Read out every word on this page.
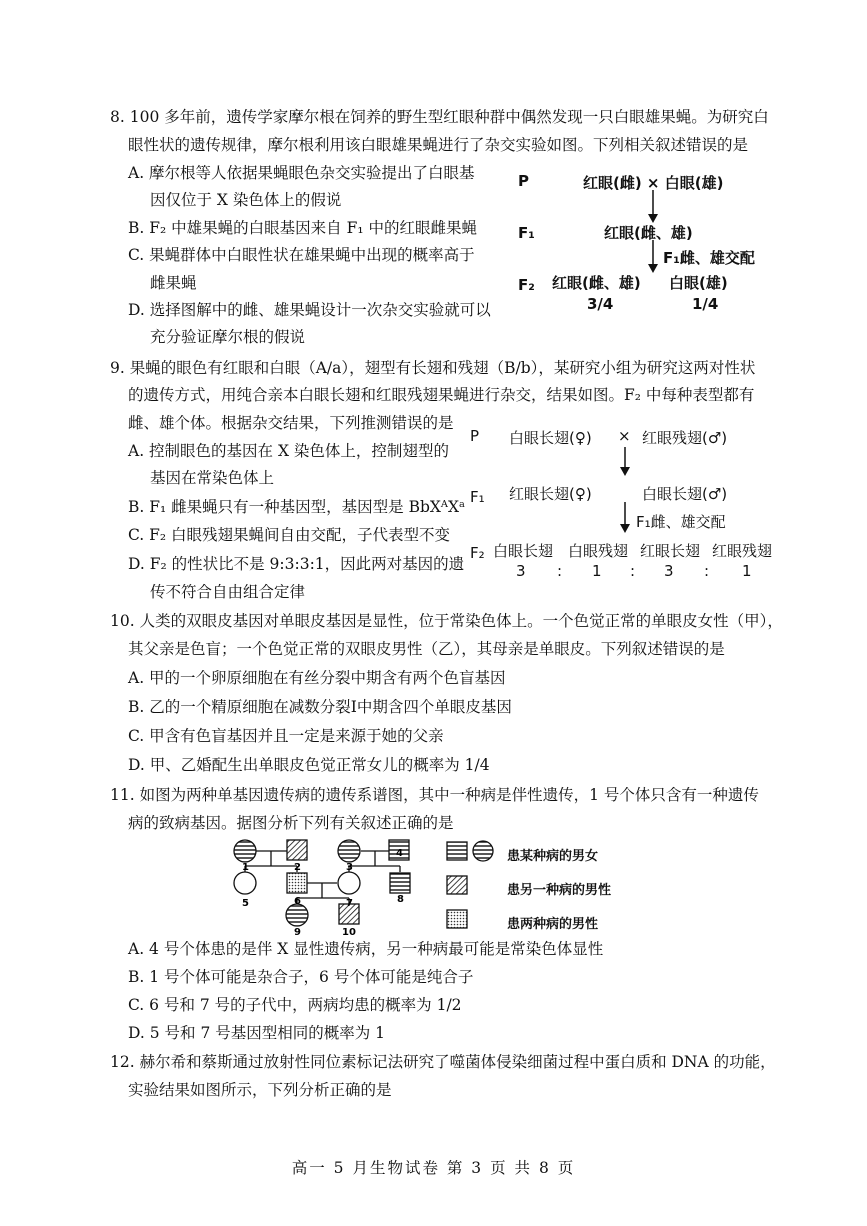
8. 100 多年前，遗传学家摩尔根在饲养的野生型红眼种群中偶然发现一只白眼雄果蝇。为研究白
眼性状的遗传规律，摩尔根利用该白眼雄果蝇进行了杂交实验如图。下列相关叙述错误的是
A. 摩尔根等人依据果蝇眼色杂交实验提出了白眼基
因仅位于 X 染色体上的假说
B. F₂ 中雄果蝇的白眼基因来自 F₁ 中的红眼雌果蝇
C. 果蝇群体中白眼性状在雄果蝇中出现的概率高于
雌果蝇
D. 选择图解中的雌、雄果蝇设计一次杂交实验就可以
充分验证摩尔根的假说
P	红眼(雌) × 白眼(雄)
F₁	红眼(雌、雄)
F₁雌、雄交配
F₂ 红眼(雌、雄) 白眼(雄)
3/4	1/4
9. 果蝇的眼色有红眼和白眼（A/a），翅型有长翅和残翅（B/b），某研究小组为研究这两对性状
的遗传方式，用纯合亲本白眼长翅和红眼残翅果蝇进行杂交，结果如图。F₂ 中每种表型都有
雌、雄个体。根据杂交结果，下列推测错误的是
A. 控制眼色的基因在 X 染色体上，控制翅型的
基因在常染色体上
B. F₁ 雌果蝇只有一种基因型，基因型是 BbXᴬXᵃ
C. F₂ 白眼残翅果蝇间自由交配，子代表型不变
D. F₂ 的性状比不是 9:3:3:1，因此两对基因的遗
传不符合自由组合定律
P 白眼长翅(♀) × 红眼残翅(♂)
F₁ 红眼长翅(♀)	白眼长翅(♂)
F₁雌、雄交配
F₂ 白眼长翅 白眼残翅 红眼长翅 红眼残翅
3 : 1 : 3 : 1
10. 人类的双眼皮基因对单眼皮基因是显性，位于常染色体上。一个色觉正常的单眼皮女性（甲），
其父亲是色盲；一个色觉正常的双眼皮男性（乙），其母亲是单眼皮。下列叙述错误的是
A. 甲的一个卵原细胞在有丝分裂中期含有两个色盲基因
B. 乙的一个精原细胞在减数分裂Ⅰ中期含四个单眼皮基因
C. 甲含有色盲基因并且一定是来源于她的父亲
D. 甲、乙婚配生出单眼皮色觉正常女儿的概率为 1/4
11. 如图为两种单基因遗传病的遗传系谱图，其中一种病是伴性遗传，1 号个体只含有一种遗传
病的致病基因。据图分析下列有关叙述正确的是
1	2	3
4
5	6	7	8
9	10
患某种病的男女
患另一种病的男性
患两种病的男性
A. 4 号个体患的是伴 X 显性遗传病，另一种病最可能是常染色体显性
B. 1 号个体可能是杂合子，6 号个体可能是纯合子
C. 6 号和 7 号的子代中，两病均患的概率为 1/2
D. 5 号和 7 号基因型相同的概率为 1
12. 赫尔希和蔡斯通过放射性同位素标记法研究了噬菌体侵染细菌过程中蛋白质和 DNA 的功能，
实验结果如图所示，下列分析正确的是
高一 5 月生物试卷 第 3 页 共 8 页
